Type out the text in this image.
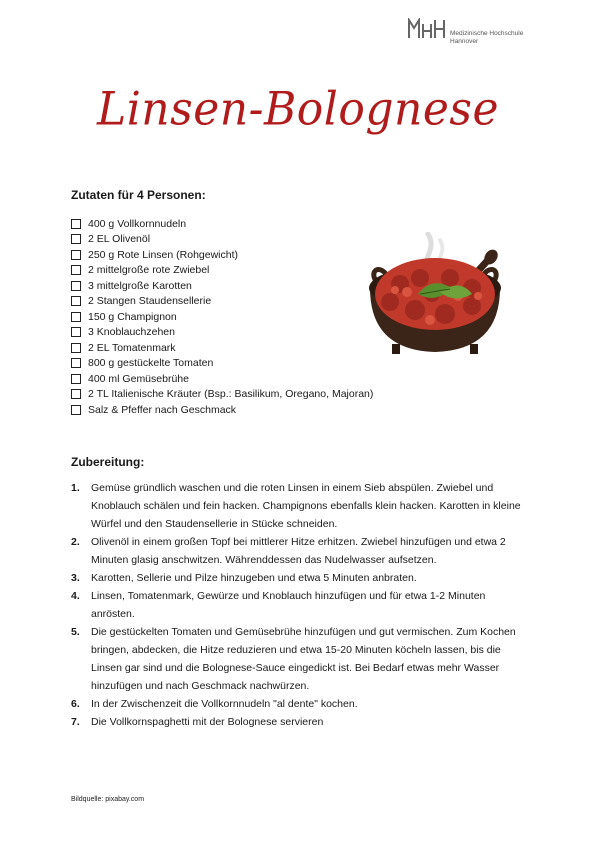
Medizinische Hochschule
Hannover
Linsen-Bolognese
Zutaten für 4 Personen:
400 g Vollkornnudeln
2 EL Olivenöl
250 g Rote Linsen (Rohgewicht)
2 mittelgroße rote Zwiebel
3 mittelgroße Karotten
2 Stangen Staudensellerie
150 g Champignon
3 Knoblauchzehen
2 EL Tomatenmark
800 g gestückelte Tomaten
400 ml Gemüsebrühe
2 TL Italienische Kräuter (Bsp.: Basilikum, Oregano, Majoran)
Salz & Pfeffer nach Geschmack
Zubereitung:
1.	Gemüse gründlich waschen und die roten Linsen in einem Sieb abspülen. Zwiebel und Knoblauch schälen und fein hacken. Champignons ebenfalls klein hacken. Karotten in kleine Würfel und den Staudensellerie in Stücke schneiden.
2.	Olivenöl in einem großen Topf bei mittlerer Hitze erhitzen. Zwiebel hinzufügen und etwa 2 Minuten glasig anschwitzen. Währenddessen das Nudelwasser aufsetzen.
3.	Karotten, Sellerie und Pilze hinzugeben und etwa 5 Minuten anbraten.
4.	Linsen, Tomatenmark, Gewürze und Knoblauch hinzufügen und für etwa 1-2 Minuten anrösten.
5.	Die gestückelten Tomaten und Gemüsebrühe hinzufügen und gut vermischen. Zum Kochen bringen, abdecken, die Hitze reduzieren und etwa 15-20 Minuten köcheln lassen, bis die Linsen gar sind und die Bolognese-Sauce eingedickt ist. Bei Bedarf etwas mehr Wasser hinzufügen und nach Geschmack nachwürzen.
6.	In der Zwischenzeit die Vollkornnudeln "al dente" kochen.
7.	Die Vollkornspaghetti mit der Bolognese servieren
Bildquelle: pixabay.com
